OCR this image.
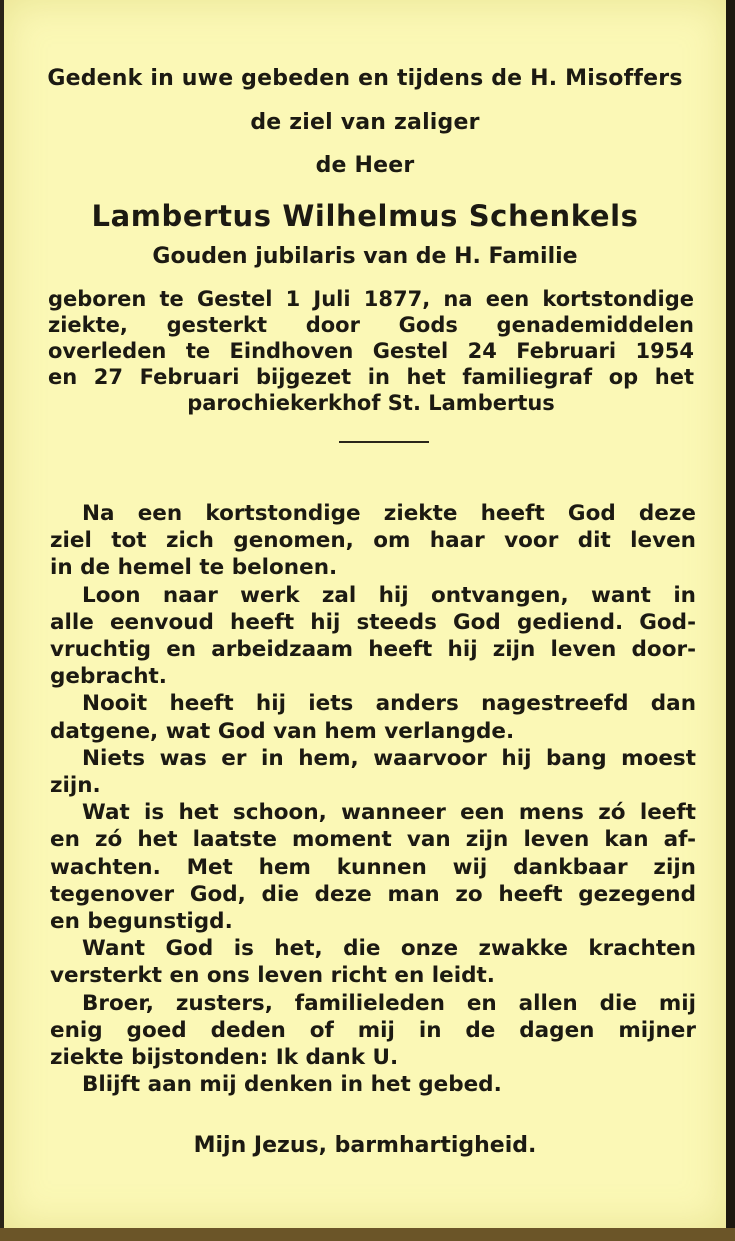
Gedenk in uwe gebeden en tijdens de H. Misoffers
de ziel van zaliger
de Heer
Lambertus Wilhelmus Schenkels
Gouden jubilaris van de H. Familie

geboren te Gestel 1 Juli 1877, na een kortstondige

ziekte, gesterkt door Gods genademiddelen

overleden te Eindhoven Gestel 24 Februari 1954

en 27 Februari bijgezet in het familiegraf op het

parochiekerkhof St. Lambertus

Na een kortstondige ziekte heeft God deze

ziel tot zich genomen, om haar voor dit leven

in de hemel te belonen.

Loon naar werk zal hij ontvangen, want in

alle eenvoud heeft hij steeds God gediend. God-

vruchtig en arbeidzaam heeft hij zijn leven door-

gebracht.

Nooit heeft hij iets anders nagestreefd dan

datgene, wat God van hem verlangde.

Niets was er in hem, waarvoor hij bang moest

zijn.

Wat is het schoon, wanneer een mens zó leeft

en zó het laatste moment van zijn leven kan af-

wachten. Met hem kunnen wij dankbaar zijn

tegenover God, die deze man zo heeft gezegend

en begunstigd.

Want God is het, die onze zwakke krachten

versterkt en ons leven richt en leidt.

Broer, zusters, familieleden en allen die mij

enig goed deden of mij in de dagen mijner

ziekte bijstonden: Ik dank U.

Blijft aan mij denken in het gebed.

Mijn Jezus, barmhartigheid.
